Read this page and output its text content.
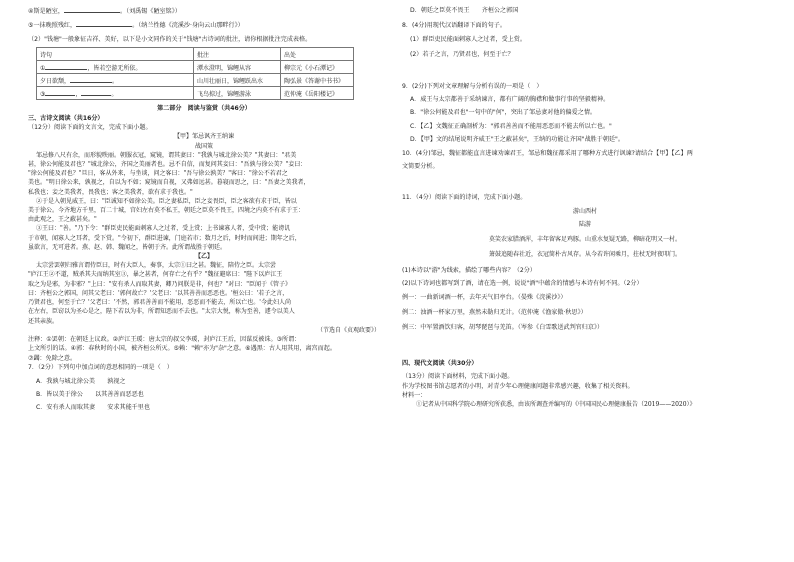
④斯是陋室，	。（刘禹锡《陋室铭》）
⑤一抹晚照残红，	。（纳兰性德《浣溪沙·身向云山那畔行》）
（2）"钱塘"一般象征吉祥、美好，以下是小文同作的关于"钱塘"古诗词的批注，请你根据批注完成表格。
诗句	批注	出处
① ，皆若空游无所依。	潭水澄明，锦鲤从容	柳宗元《小石潭记》
夕日欲颓， 。	山川壮丽日，锦鲤跃出水	陶弘景《答谢中书书》
③ ， 。	飞鸟掠过，锦鲤游泳	范仲淹《岳阳楼记》
第二部分　阅读与鉴赏（共46分）
三、古诗文阅读（共16分）
（12分）阅读下面的文言文，完成下面小题。
【甲】邹忌讽齐王纳谏
战国策
邹忌修八尺有余，而形貌昳丽。朝服衣冠，窥镜，谓其妻曰："我孰与城北徐公美？"其妻曰："君美
甚，徐公何能及君也？"城北徐公，齐国之美丽者也。忌不自信，而复问其妾曰："吾孰与徐公美？"妾曰：
"徐公何能及君也？"旦日，客从外来，与坐谈，问之客曰："吾与徐公孰美？"客曰："徐公不若君之
美也。"明日徐公来，孰视之，自以为不如；窥镜而自视，又弗如远甚。暮寝而思之，曰："吾妻之美我者，
私我也；妾之美我者，畏我也；客之美我者，欲有求于我也。"
②于是入朝见威王，曰："臣诚知不如徐公美。臣之妻私臣，臣之妾畏臣，臣之客欲有求于臣，皆以
美于徐公。今齐地方千里，百二十城，宫妇左右莫不私王，朝廷之臣莫不畏王，四境之内莫不有求于王：
由此观之，王之蔽甚矣。"
③王曰："善。"乃下令："群臣吏民能面刺寡人之过者，受上赏；上书谏寡人者，受中赏；能谤讥
于市朝，闻寡人之耳者，受下赏。"令初下，群臣进谏，门庭若市；数月之后，时时而间进；期年之后，
虽欲言，无可进者。燕、赵、韩、魏闻之，皆朝于齐。此所谓战胜于朝廷。
【乙】
太宗尝罢朝归雅言谓侍臣曰，时有大臣人，奏事，太宗①曰之甚。魏征，陪侍之臣。太宗尝
"庐江王②不道，贼杀其夫而纳其室③，暴之甚者，何存亡之有乎？"魏征避席曰："陛下以庐江王
取之为是邪，为非邪？"上曰："安有杀人而取其妻，卿乃问朕是非，何也？"对曰："臣闻于《管子》
曰：齐桓公之郭国，问其父老曰：'郭何故亡？'父老曰：'以其善善而恶恶也。'桓公曰：'若子之言，
乃贤君也，何至于亡？'父老曰：'不然，郭君善善而不能用，恶恶而不能去，所以亡也。'今此妇人尚
在左右，臣窃以为圣心是之，陛下若以为非，所谓知恶而不去也。"太宗大悦，称为至善，遽令以美人
还其亲族。
（节选自《贞观政要》）
注释：①罢朝：在朝廷上议政。②庐江王瑗：唐太宗的叔父李瑗，封庐江王后，因谋反被诛。③所谓：
上文所引的话。④郭：春秋时的小国，被齐桓公所灭。⑤赖："赖"亦为"杂"之意。⑥遇黑：古人用其用，离宫而起。
⑦蠲：免除之意。
7．（2分）下列句中加点词的意思相同的一项是（　）
A．我孰与城北徐公美　　孰视之
B．皆以美于徐公　　以其善善而恶恶也
C．安有杀人而取其妻　　安求其能千里也
D．朝廷之臣莫不畏王　　齐桓公之郭国
8．(4分)用现代汉语翻译下面的句子。
(1）群臣吏民能面刺寡人之过者，受上赏。
(2）若子之言，乃贤君也，何至于亡？
9．(2分)下列对文章理解与分析有误的一项是（　）
A．威王与太宗都善于采纳谏言，都有广阔的胸襟和做事行事的坚毅精神。
B．"徐公何能及君也"一句中的"何"，突出了邹忌妻对他的偏爱之情。
C．【乙】文魏征正确剖析为："郭君善善而不能用恶恶而不能去所以亡也。"
D．【甲】文的结尾说明齐威王"王之蔽甚矣"，王纳的功能让齐国"战胜于朝廷"。
10．(4分)邹忌，魏征都能直言进谏劝谏君王，邹忌和魏征都采用了哪种方式进行讽谏?请结合【甲】【乙】两
文简要分析。
11．（4分）阅读下面的诗词，完成下面小题。
游山西村
陆游
莫笑农家腊酒浑，丰年留客足鸡豚。山重水复疑无路，柳暗花明又一村。
箫鼓追随春社近，衣冠简朴古风存。从今若许闲乘月，拄杖无时夜叩门。
(1)本诗以"游"为线索，描绘了哪些内容？（2分）
(2)以下诗词也都写到了酒，请在选一例，说说"酒"中蕴含的情感与本诗有何不同。（2分）
例一：一曲新词酒一杯，去年天气旧亭台。（晏殊《浣溪沙》）
例二：浊酒一杯家万里，燕然未勒归无计。（范仲淹《渔家傲·秋思》）
例三：中军置酒饮归客，胡琴琵琶与羌笛。（岑参《白雪歌送武判官归京》）
四、现代文阅读（共30分）
（13分）阅读下面材料，完成下面小题。
作为学校图书馆志愿者的小明，对青少年心理健康问题非常感兴趣，收集了相关资料。
材料一：
①记者从中国科学院心理研究所获悉，由该所调查并编写的《中国国民心理健康报告（2019——2020）》
